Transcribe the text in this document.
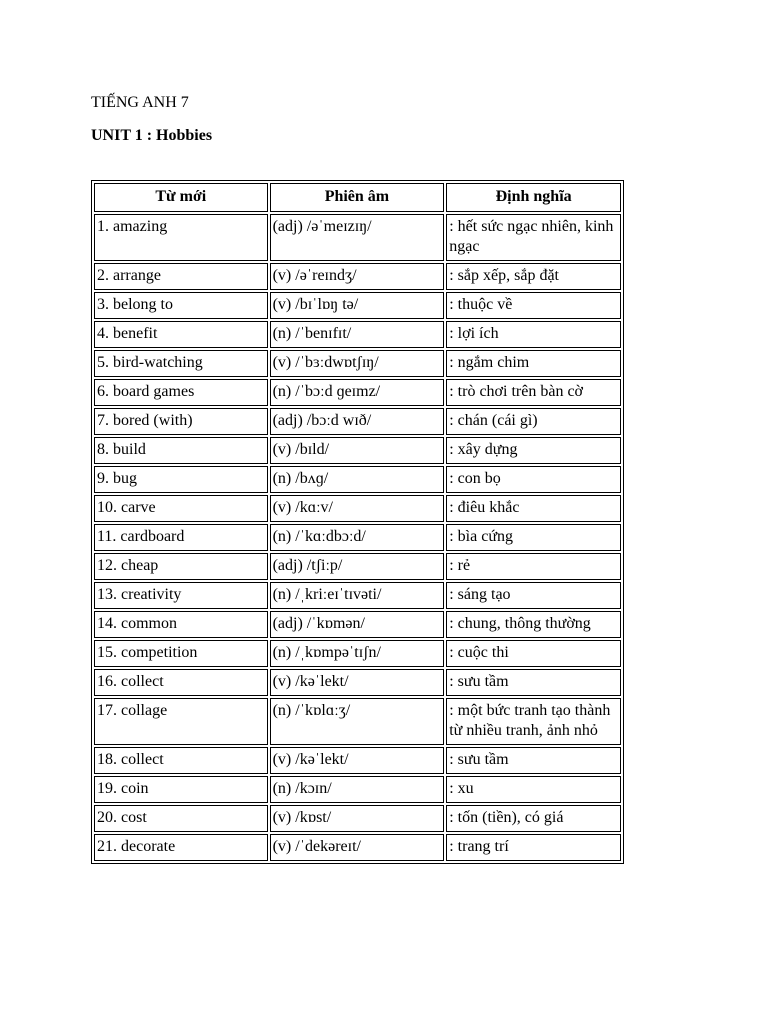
TIẾNG ANH 7
UNIT 1 : Hobbies
Từ mới	Phiên âm	Định nghĩa
1. amazing	(adj) /əˈmeɪzɪŋ/	: hết sức ngạc nhiên, kinh ngạc
2. arrange	(v) /əˈreɪndʒ/	: sắp xếp, sắp đặt
3. belong to	(v) /bɪˈlɒŋ tə/	: thuộc về
4. benefit	(n) /ˈbenɪfɪt/	: lợi ích
5. bird-watching	(v) /ˈbɜːdwɒtʃɪŋ/	: ngắm chim
6. board games	(n) /ˈbɔːd ɡeɪmz/	: trò chơi trên bàn cờ
7. bored (with)	(adj) /bɔːd wɪð/	: chán (cái gì)
8. build	(v) /bɪld/	: xây dựng
9. bug	(n) /bʌɡ/	: con bọ
10. carve	(v) /kɑːv/	: điêu khắc
11. cardboard	(n) /ˈkɑːdbɔːd/	: bìa cứng
12. cheap	(adj) /tʃiːp/	: rẻ
13. creativity	(n) /ˌkriːeɪˈtɪvəti/	: sáng tạo
14. common	(adj) /ˈkɒmən/	: chung, thông thường
15. competition	(n) /ˌkɒmpəˈtɪʃn/	: cuộc thi
16. collect	(v) /kəˈlekt/	: sưu tầm
17. collage	(n) /ˈkɒlɑːʒ/	: một bức tranh tạo thành từ nhiều tranh, ảnh nhỏ
18. collect	(v) /kəˈlekt/	: sưu tầm
19. coin	(n) /kɔɪn/	: xu
20. cost	(v) /kɒst/	: tốn (tiền), có giá
21. decorate	(v) /ˈdekəreɪt/	: trang trí
